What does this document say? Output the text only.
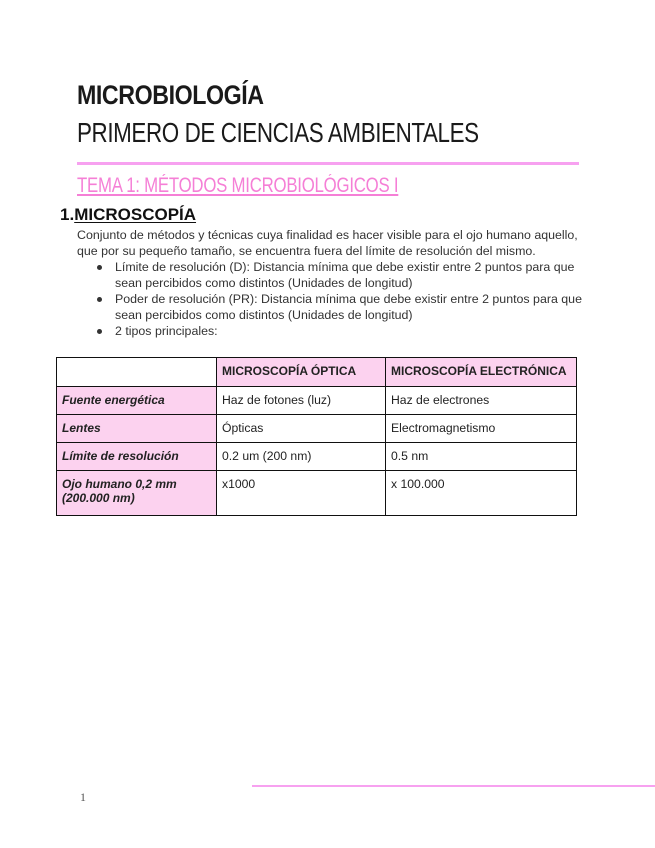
MICROBIOLOGÍA
PRIMERO DE CIENCIAS AMBIENTALES
TEMA 1: MÉTODOS MICROBIOLÓGICOS I
1.MICROSCOPÍA
Conjunto de métodos y técnicas cuya finalidad es hacer visible para el ojo humano aquello, que por su pequeño tamaño, se encuentra fuera del límite de resolución del mismo.
Límite de resolución (D): Distancia mínima que debe existir entre 2 puntos para que sean percibidos como distintos (Unidades de longitud)
Poder de resolución (PR): Distancia mínima que debe existir entre 2 puntos para que sean percibidos como distintos (Unidades de longitud)
2 tipos principales:
	MICROSCOPÍA ÓPTICA	MICROSCOPÍA ELECTRÓNICA
Fuente energética	Haz de fotones (luz)	Haz de electrones
Lentes	Ópticas	Electromagnetismo
Límite de resolución	0.2 um (200 nm)	0.5 nm
Ojo humano 0,2 mm (200.000 nm)	x1000	x 100.000
1
